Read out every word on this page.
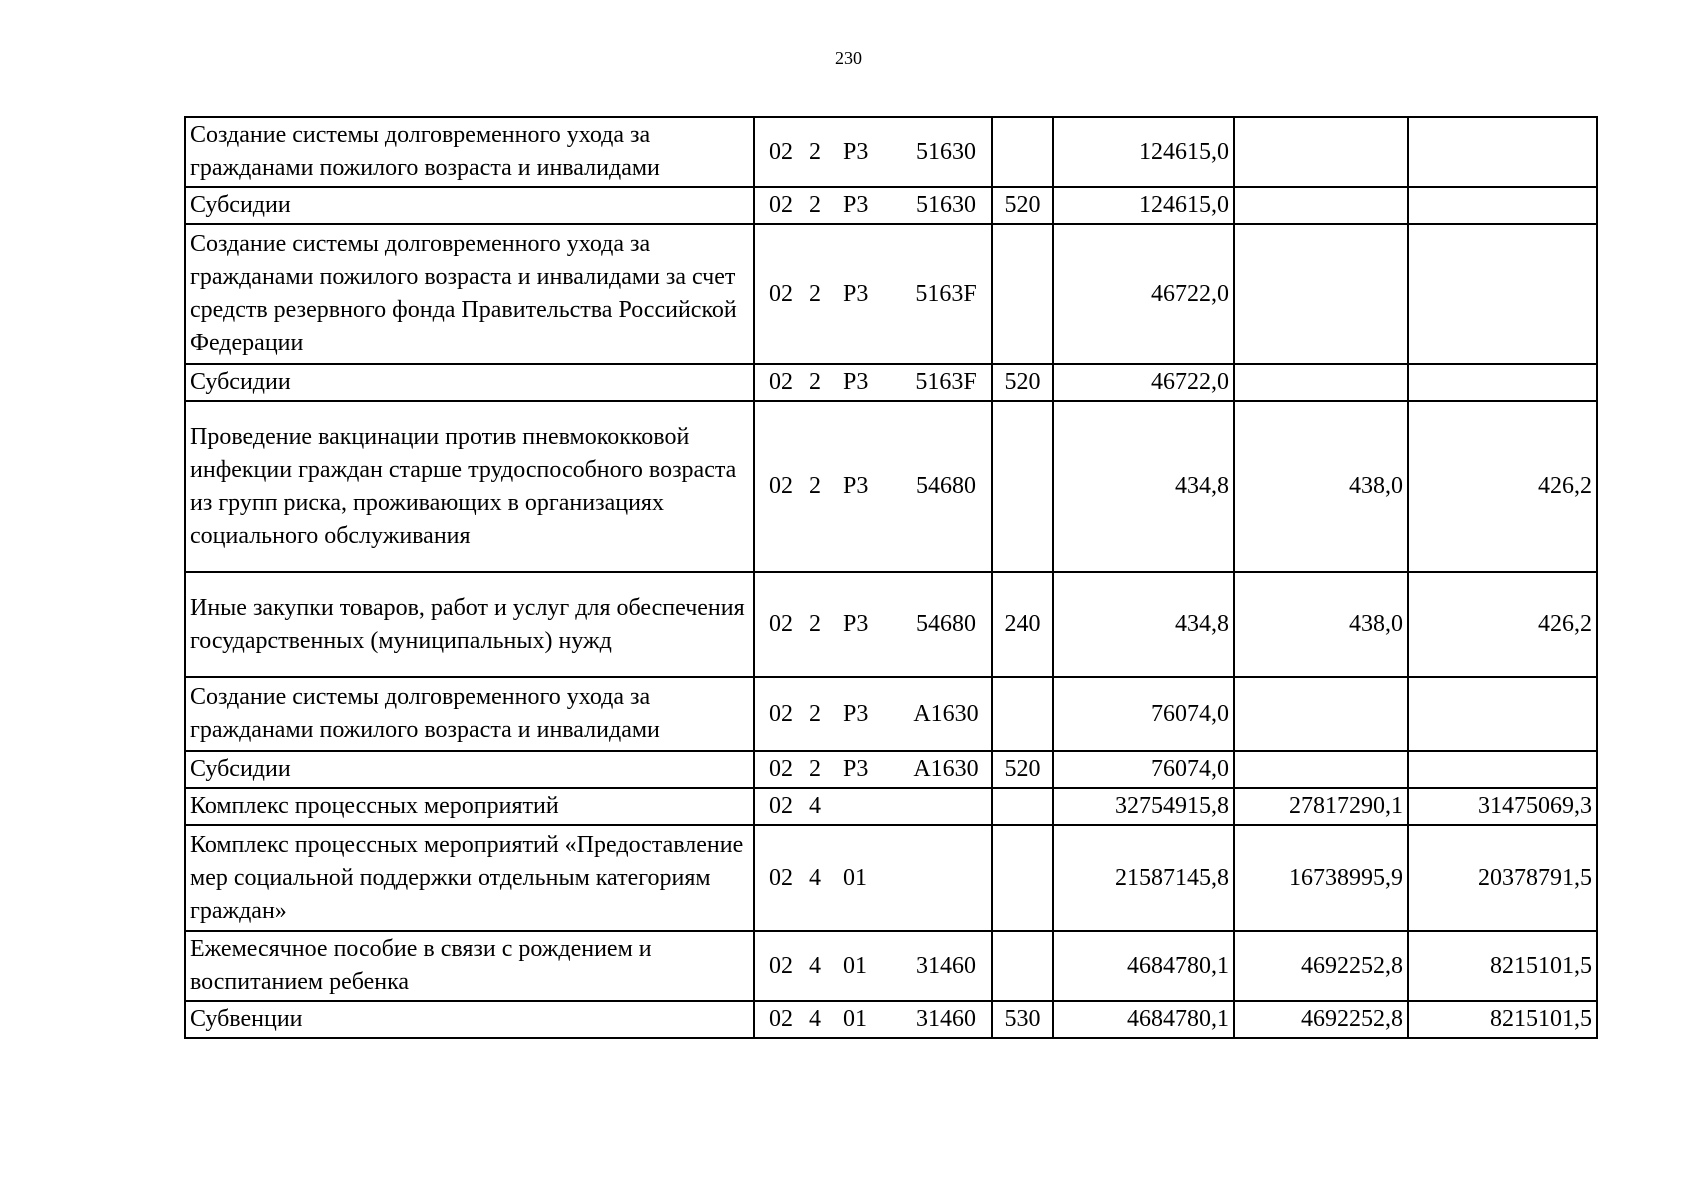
230
Создание системы долговременного ухода за гражданами пожилого возраста и инвалидами	02 2 Р3 51630		124615,0		
Субсидии	02 2 Р3 51630	520	124615,0		
Создание системы долговременного ухода за гражданами пожилого возраста и инвалидами за счет средств резервного фонда Правительства Российской Федерации	02 2 Р3 5163F		46722,0		
Субсидии	02 2 Р3 5163F	520	46722,0		
Проведение вакцинации против пневмококковой инфекции граждан старше трудоспособного возраста из групп риска, проживающих в организациях социального обслуживания	02 2 Р3 54680		434,8	438,0	426,2
Иные закупки товаров, работ и услуг для обеспечения государственных (муниципальных) нужд	02 2 Р3 54680	240	434,8	438,0	426,2
Создание системы долговременного ухода за гражданами пожилого возраста и инвалидами	02 2 Р3 А1630		76074,0		
Субсидии	02 2 Р3 А1630	520	76074,0		
Комплекс процессных мероприятий	02 4		32754915,8	27817290,1	31475069,3
Комплекс процессных мероприятий «Предоставление мер социальной поддержки отдельным категориям граждан»	02 4 01		21587145,8	16738995,9	20378791,5
Ежемесячное пособие в связи с рождением и воспитанием ребенка	02 4 01 31460		4684780,1	4692252,8	8215101,5
Субвенции	02 4 01 31460	530	4684780,1	4692252,8	8215101,5
